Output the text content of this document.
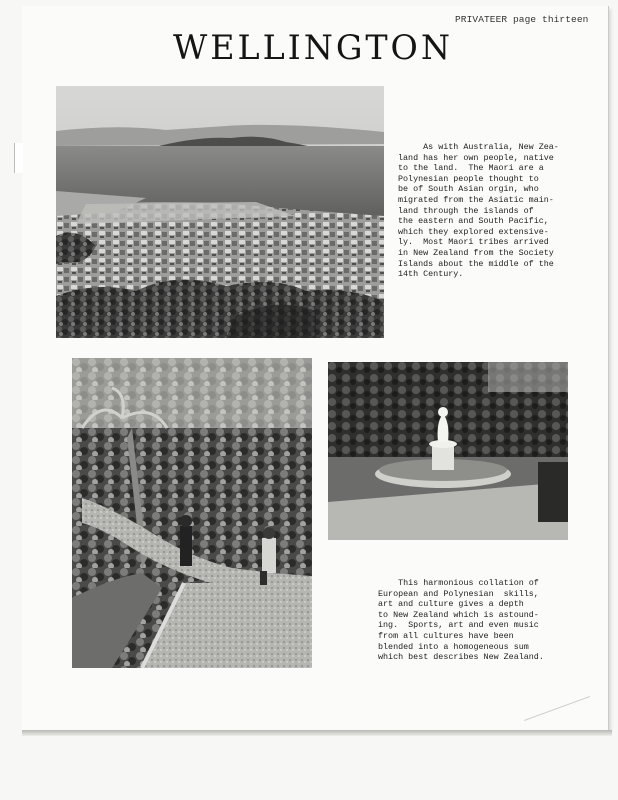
PRIVATEER page thirteen
WELLINGTON
As with Australia, New Zea-
land has her own people, native
to the land.  The Maori are a
Polynesian people thought to
be of South Asian orgin, who
migrated from the Asiatic main-
land through the islands of
the eastern and South Pacific,
which they explored extensive-
ly.  Most Maori tribes arrived
in New Zealand from the Society
Islands about the middle of the
14th Century.
This harmonious collation of
European and Polynesian  skills,
art and culture gives a depth
to New Zealand which is astound-
ing.  Sports, art and even music
from all cultures have been
blended into a homogeneous sum
which best describes New Zealand.
